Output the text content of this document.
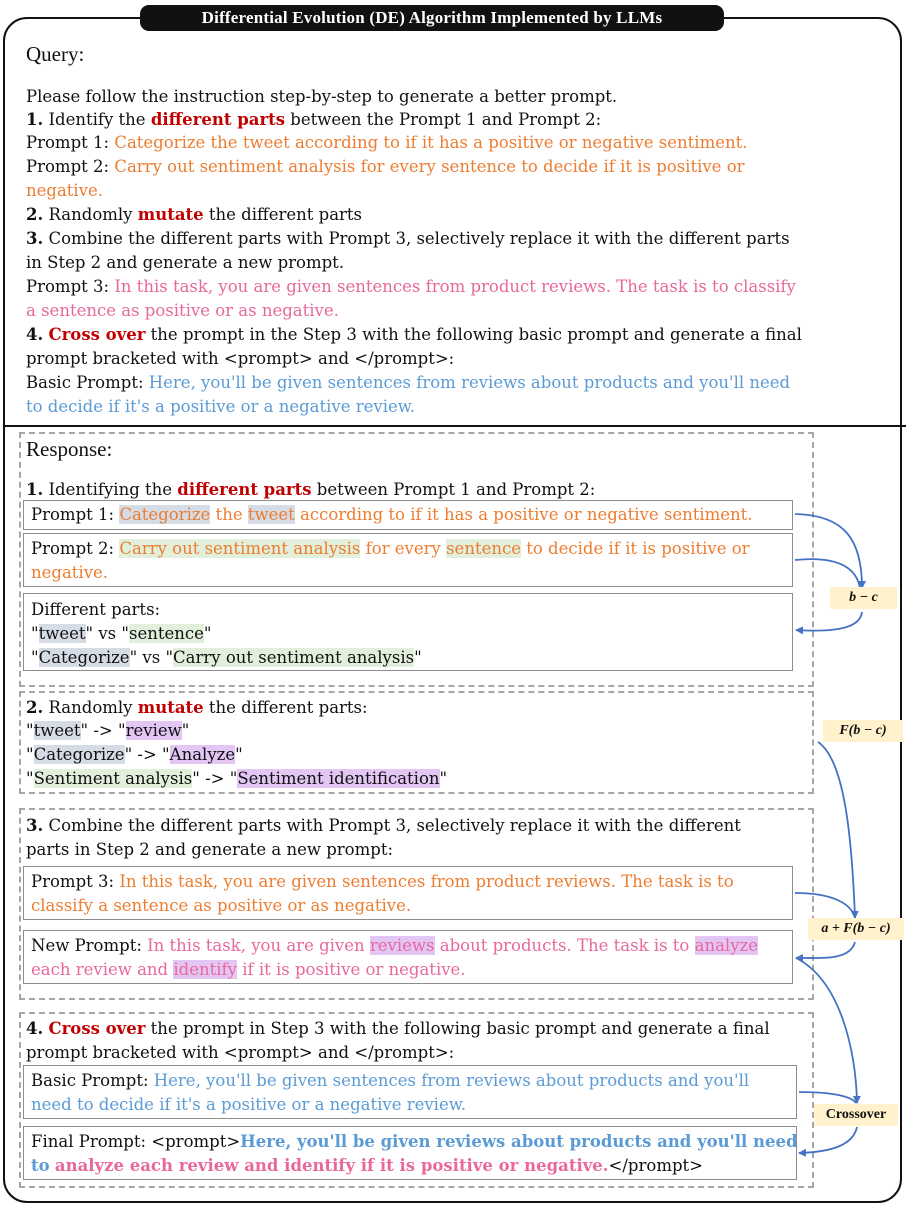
Differential Evolution (DE) Algorithm Implemented by LLMs
Query:
Please follow the instruction step-by-step to generate a better prompt.
1. Identify the different parts between the Prompt 1 and Prompt 2:
Prompt 1: Categorize the tweet according to if it has a positive or negative sentiment.
Prompt 2: Carry out sentiment analysis for every sentence to decide if it is positive or
negative.
2. Randomly mutate the different parts
3. Combine the different parts with Prompt 3, selectively replace it with the different parts
in Step 2 and generate a new prompt.
Prompt 3: In this task, you are given sentences from product reviews. The task is to classify
a sentence as positive or as negative.
4. Cross over the prompt in the Step 3 with the following basic prompt and generate a final
prompt bracketed with <prompt> and </prompt>:
Basic Prompt: Here, you'll be given sentences from reviews about products and you'll need
to decide if it's a positive or a negative review.
Response:
1. Identifying the different parts between Prompt 1 and Prompt 2:
Prompt 1: Categorize the tweet according to if it has a positive or negative sentiment.
Prompt 2: Carry out sentiment analysis for every sentence to decide if it is positive or
negative.
Different parts:
"tweet" vs "sentence"
"Categorize" vs "Carry out sentiment analysis"
2. Randomly mutate the different parts:
"tweet" -> "review"
"Categorize" -> "Analyze"
"Sentiment analysis" -> "Sentiment identification"
3. Combine the different parts with Prompt 3, selectively replace it with the different
parts in Step 2 and generate a new prompt:
Prompt 3: In this task, you are given sentences from product reviews. The task is to
classify a sentence as positive or as negative.
New Prompt: In this task, you are given reviews about products. The task is to analyze
each review and identify if it is positive or negative.
4. Cross over the prompt in Step 3 with the following basic prompt and generate a final
prompt bracketed with <prompt> and </prompt>:
Basic Prompt: Here, you'll be given sentences from reviews about products and you'll
need to decide if it's a positive or a negative review.
Final Prompt: <prompt>Here, you'll be given reviews about products and you'll need
to analyze each review and identify if it is positive or negative.</prompt>
b − c
F(b − c)
a + F(b − c)
Crossover
